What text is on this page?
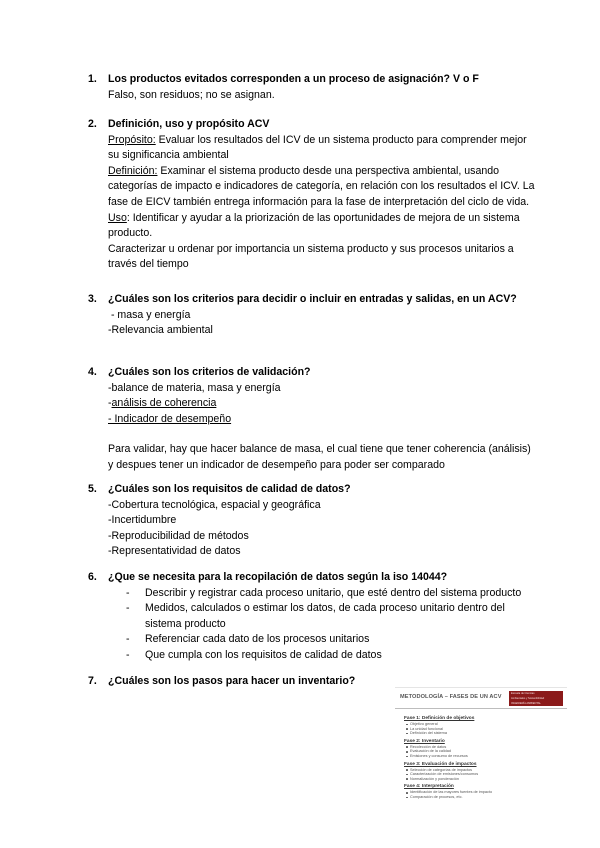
1. Los productos evitados corresponden a un proceso de asignación? V o F
Falso, son residuos; no se asignan.
2. Definición, uso y propósito ACV
Propósito: Evaluar los resultados del ICV de un sistema producto para comprender mejor su significancia ambiental
Definición: Examinar el sistema producto desde una perspectiva ambiental, usando categorías de impacto e indicadores de categoría, en relación con los resultados el ICV. La fase de EICV también entrega información para la fase de interpretación del ciclo de vida.
Uso: Identificar y ayudar a la priorización de las oportunidades de mejora de un sistema producto.
Caracterizar u ordenar por importancia un sistema producto y sus procesos unitarios a través del tiempo
3. ¿Cuáles son los criterios para decidir o incluir en entradas y salidas, en un ACV?
- masa y energía
-Relevancia ambiental
4. ¿Cuáles son los criterios de validación?
-balance de materia, masa y energía
-análisis de coherencia
- Indicador de desempeño
Para validar, hay que hacer balance de masa, el cual tiene que tener coherencia (análisis) y despues tener un indicador de desempeño para poder ser comparado
5. ¿Cuáles son los requisitos de calidad de datos?
-Cobertura tecnológica, espacial y geográfica
-Incertidumbre
-Reproducibilidad de métodos
-Representatividad de datos
6. ¿Que se necesita para la recopilación de datos según la iso 14044?
- Describir y registrar cada proceso unitario, que esté dentro del sistema producto
- Medidos, calculados o estimar los datos, de cada proceso unitario dentro del sistema producto
- Referenciar cada dato de los procesos unitarios
- Que cumpla con los requisitos de calidad de datos
7. ¿Cuáles son los pasos para hacer un inventario?
METODOLOGÍA – FASES DE UN ACV
Escuela de Ciencias
Ambientales y Sostenibilidad
INGENIERÍA AMBIENTAL
Fase 1: Definición de objetivos
Objetivo general
La unidad funcional
Definición del sistema
Fase 2: Inventario
Recolección de datos
Evaluación de la calidad
Emisiones y consumo de recursos
Fase 3: Evaluación de impactos
Selección de categorías de impactos
Caracterización de emisiones/consumos
Normalización y ponderación
Fase 4: Interpretación
Identificación de las mayores fuentes de impacto
Comparación de procesos, etc.
